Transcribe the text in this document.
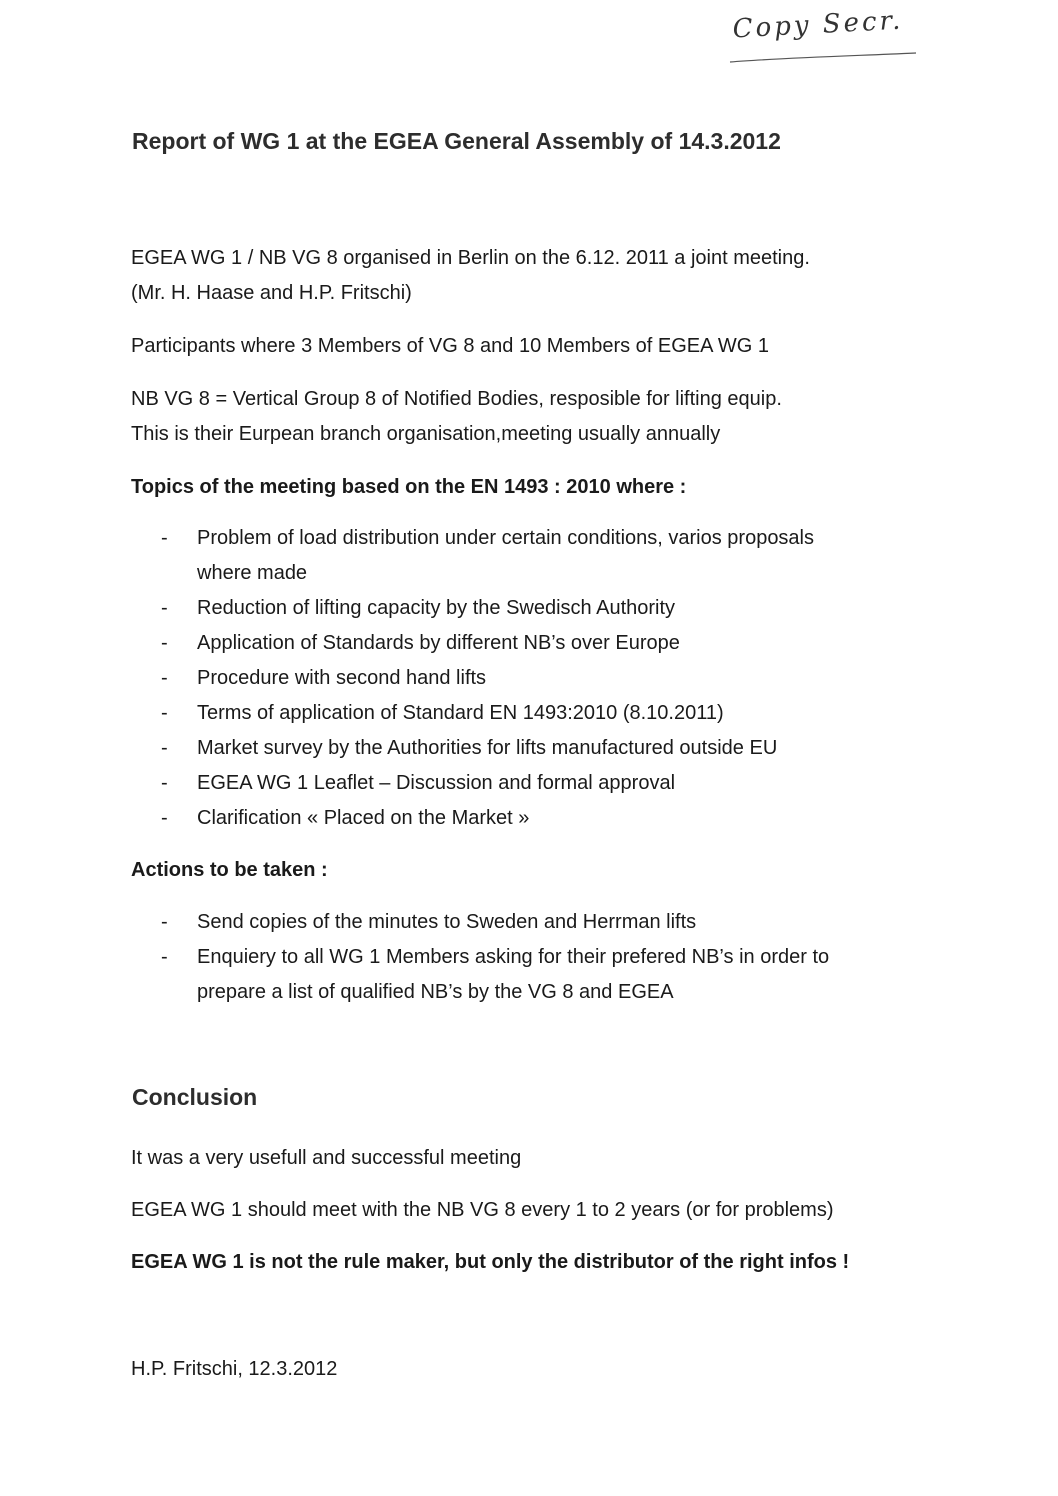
Copy Secr.
Report of WG 1 at the EGEA General Assembly of 14.3.2012

EGEA WG 1 / NB VG 8 organised in Berlin on the 6.12. 2011 a joint meeting.

(Mr. H. Haase and H.P. Fritschi)

Participants where 3 Members of VG 8 and 10 Members of EGEA WG 1

NB VG 8 = Vertical Group 8 of Notified Bodies, resposible for lifting equip.

This is their Eurpean branch organisation,meeting usually annually

Topics of the meeting based on the EN 1493 : 2010 where :

- Problem of load distribution under certain conditions, varios proposals
where made
- Reduction of lifting capacity by the Swedisch Authority
- Application of Standards by different NB’s over Europe
- Procedure with second hand lifts
- Terms of application of Standard EN 1493:2010 (8.10.2011)
- Market survey by the Authorities for lifts manufactured outside EU
- EGEA WG 1 Leaflet – Discussion and formal approval
- Clarification « Placed on the Market »

Actions to be taken :

- Send copies of the minutes to Sweden and Herrman lifts
- Enquiery to all WG 1 Members asking for their prefered NB’s in order to
prepare a list of qualified NB’s by the VG 8 and EGEA
Conclusion

It was a very usefull and successful meeting

EGEA WG 1 should meet with the NB VG 8 every 1 to 2 years (or for problems)

EGEA WG 1 is not the rule maker, but only the distributor of the right infos !

H.P. Fritschi, 12.3.2012
